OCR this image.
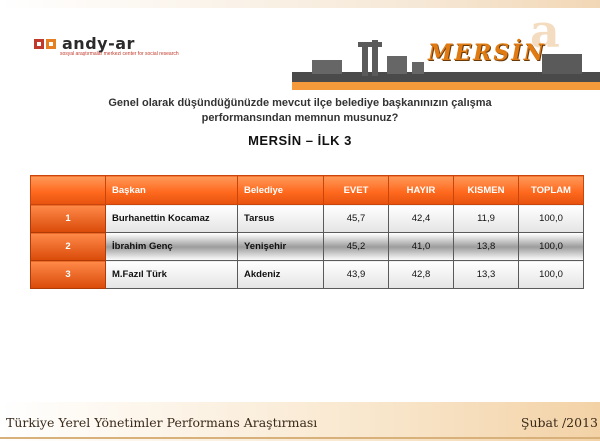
andy-ar
sosyal araştırmalar merkezi center for social research	a
MERSİN
Genel olarak düşündüğünüzde mevcut ilçe belediye başkanınızın çalışma performansından memnun musunuz?
MERSİN – İLK 3
	Başkan	Belediye	EVET	HAYIR	KISMEN	TOPLAM
1	Burhanettin Kocamaz	Tarsus	45,7	42,4	11,9	100,0
2	İbrahim Genç	Yenişehir	45,2	41,0	13,8	100,0
3	M.Fazıl Türk	Akdeniz	43,9	42,8	13,3	100,0
Türkiye Yerel Yönetimler Performans Araştırması	Şubat /2013
